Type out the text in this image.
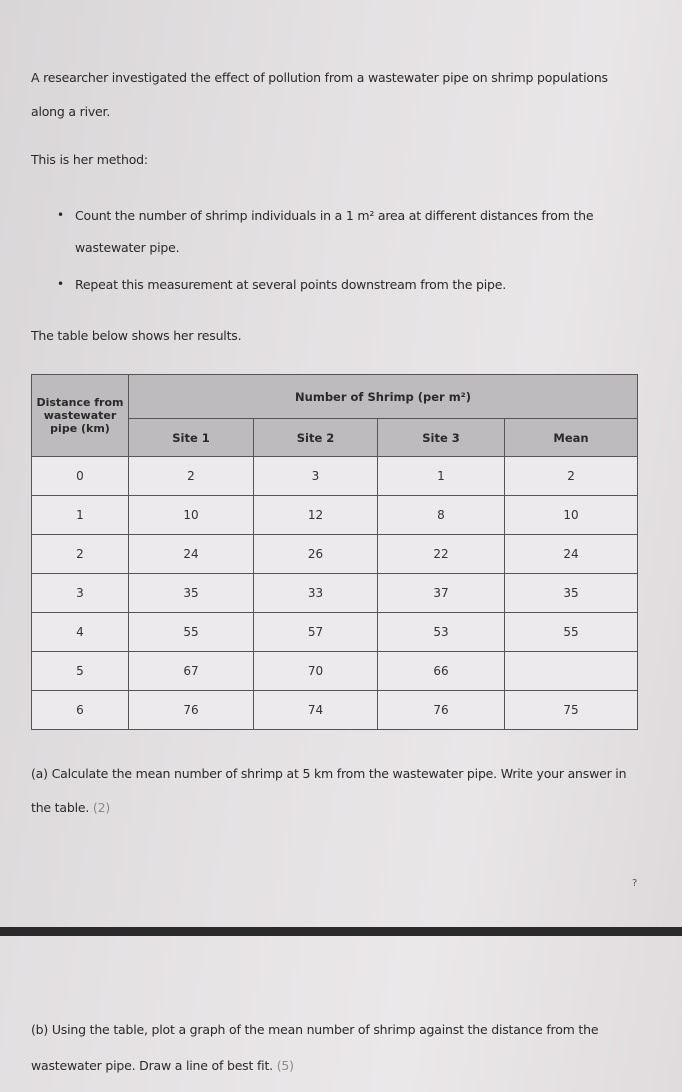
A researcher investigated the effect of pollution from a wastewater pipe on shrimp populations
along a river.
This is her method:
• Count the number of shrimp individuals in a 1 m² area at different distances from the
wastewater pipe.
• Repeat this measurement at several points downstream from the pipe.
The table below shows her results.
Distance from wastewater pipe (km)	Number of Shrimp (per m²)			
	Site 1	Site 2	Site 3	Mean
0	2	3	1	2
1	10	12	8	10
2	24	26	22	24
3	35	33	37	35
4	55	57	53	55
5	67	70	66	
6	76	74	76	75
(a) Calculate the mean number of shrimp at 5 km from the wastewater pipe. Write your answer in
the table. (2)
?
(b) Using the table, plot a graph of the mean number of shrimp against the distance from the
wastewater pipe. Draw a line of best fit. (5)
